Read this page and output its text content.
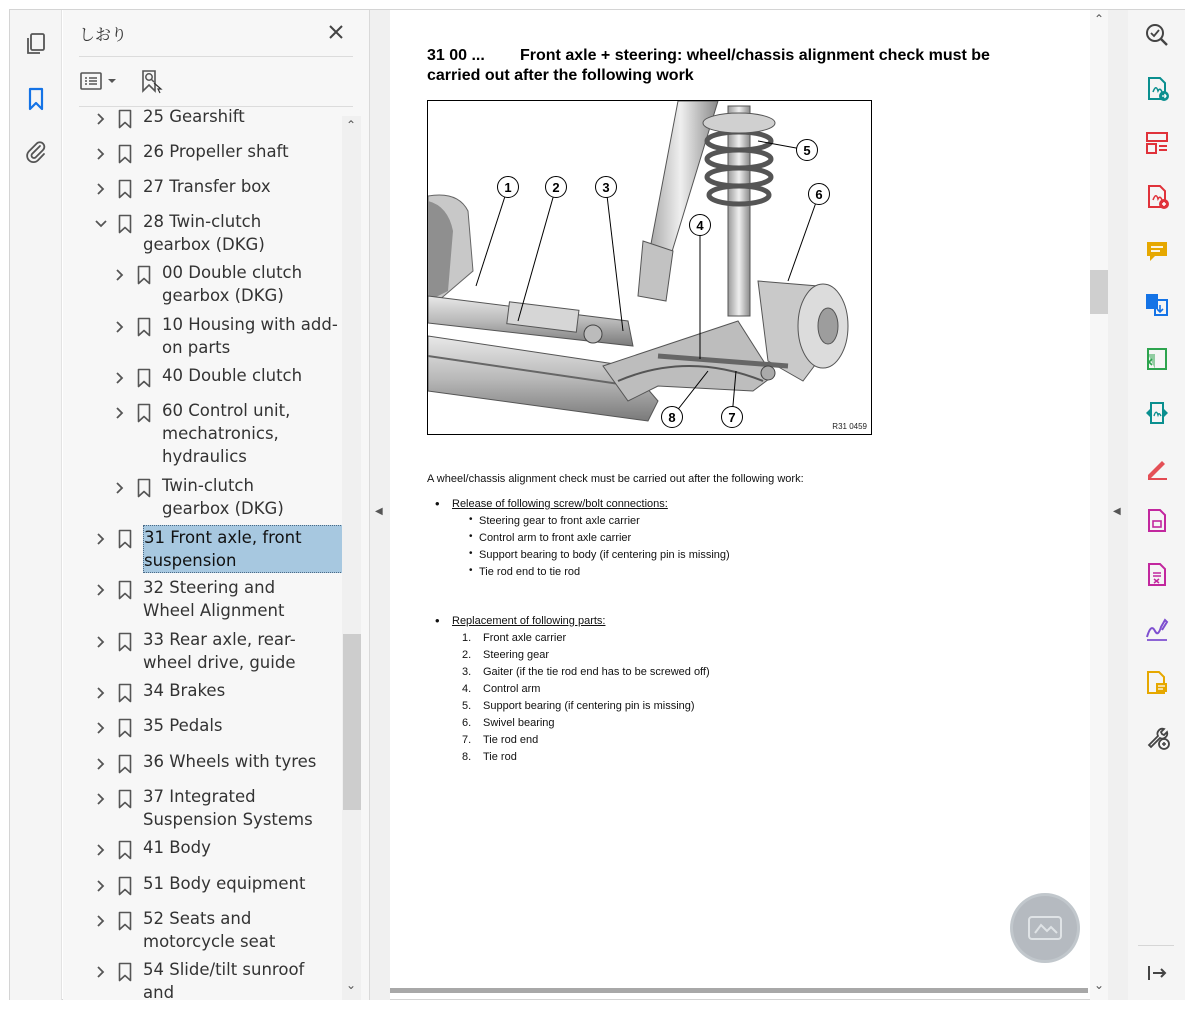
しおり
25 Gearshift
26 Propeller shaft
27 Transfer box
28 Twin-clutch gearbox (DKG)
00 Double clutch gearbox (DKG)
10 Housing with add-on parts
40 Double clutch
60 Control unit, mechatronics, hydraulics
Twin-clutch gearbox (DKG)
31 Front axle, front suspension
32 Steering and Wheel Alignment
33 Rear axle, rear-wheel drive, guide
34 Brakes
35 Pedals
36 Wheels with tyres
37 Integrated Suspension Systems
41 Body
51 Body equipment
52 Seats and motorcycle seat
54 Slide/tilt sunroof and
⌃
⌄
◀
31 00 ... Front axle + steering: wheel/chassis alignment check must be
carried out after the following work
1	2	3
4
5
6
7
8
R31 0459
A wheel/chassis alignment check must be carried out after the following work:
• Release of following screw/bolt connections:
• Replacement of following parts:
• Steering gear to front axle carrier
• Control arm to front axle carrier
• Support bearing to body (if centering pin is missing)
• Tie rod end to tie rod
1. Front axle carrier
2. Steering gear
3. Gaiter (if the tie rod end has to be screwed off)
4. Control arm
5. Support bearing (if centering pin is missing)
6. Swivel bearing
7. Tie rod end
8. Tie rod
⌃
⌄
◀
